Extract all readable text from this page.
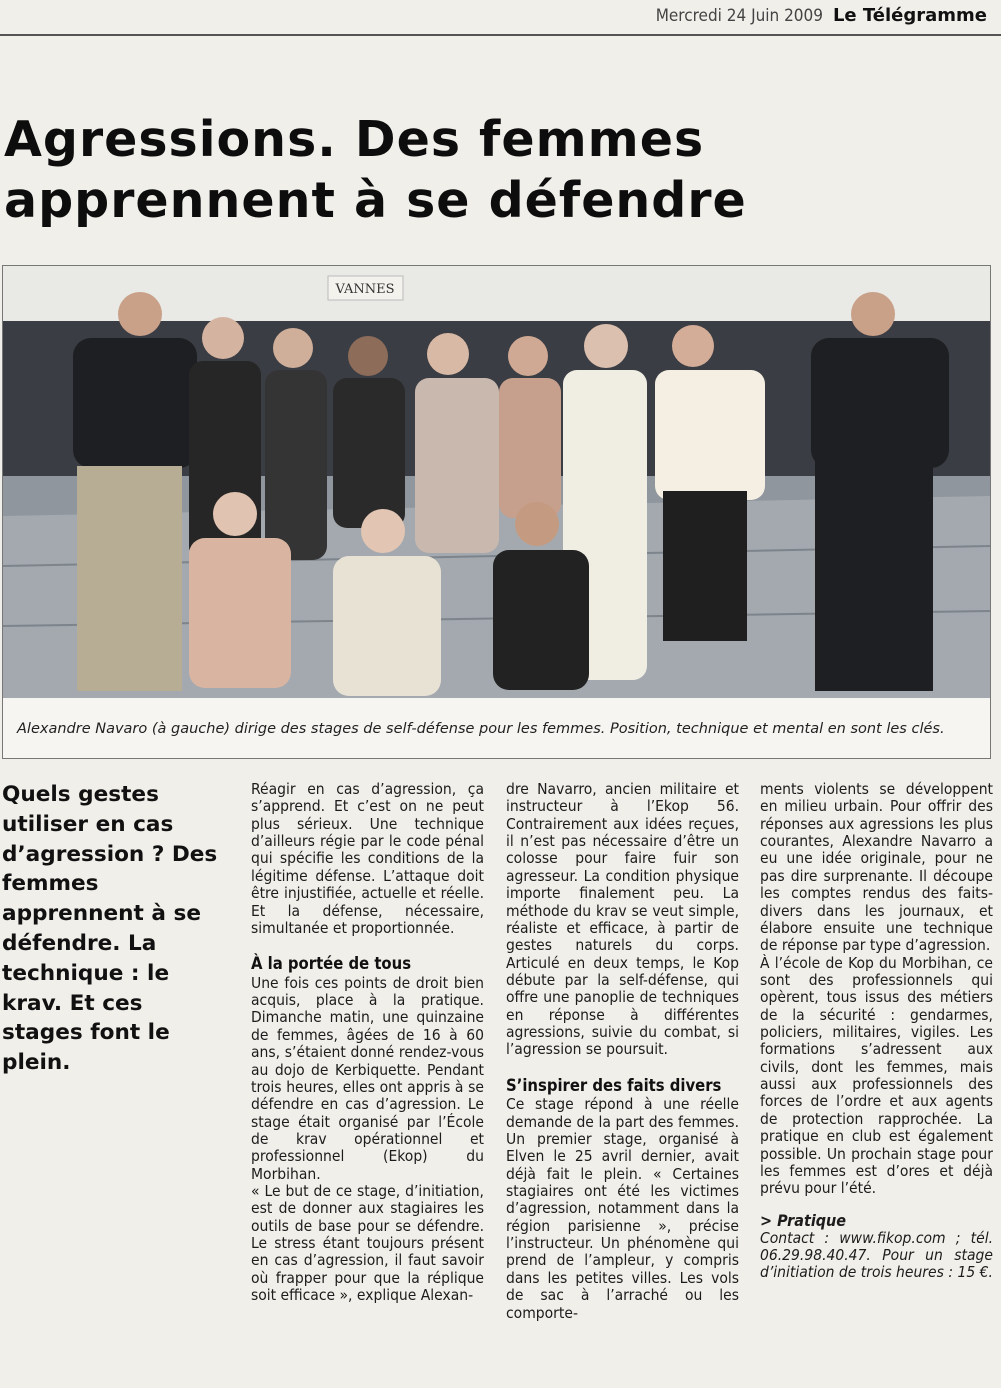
Mercredi 24 Juin 2009 Le Télégramme
Agressions. Des femmes
apprennent à se défendre
VANNES
Alexandre Navaro (à gauche) dirige des stages de self-défense pour les femmes. Position, technique et mental en sont les clés.
Quels gestes utiliser en cas d’agression ? Des femmes apprennent à se défendre. La technique : le krav. Et ces stages font le plein.

Réagir en cas d’agression, ça s’apprend. Et c’est on ne peut plus sérieux. Une technique d’ailleurs régie par le code pénal qui spécifie les conditions de la légitime défense. L’attaque doit être injustifiée, actuelle et réelle. Et la défense, nécessaire, simultanée et proportionnée.

À la portée de tous

Une fois ces points de droit bien acquis, place à la pratique. Dimanche matin, une quinzaine de femmes, âgées de 16 à 60 ans, s’étaient donné rendez-vous au dojo de Kerbiquette. Pendant trois heures, elles ont appris à se défendre en cas d’agression. Le stage était organisé par l’École de krav opérationnel et professionnel (Ekop) du Morbihan.

« Le but de ce stage, d’initiation, est de donner aux stagiaires les outils de base pour se défendre. Le stress étant toujours présent en cas d’agression, il faut savoir où frapper pour que la réplique soit efficace », explique Alexan-

dre Navarro, ancien militaire et instructeur à l’Ekop 56. Contrairement aux idées reçues, il n’est pas nécessaire d’être un colosse pour faire fuir son agresseur. La condition physique importe finalement peu. La méthode du krav se veut simple, réaliste et efficace, à partir de gestes naturels du corps. Articulé en deux temps, le Kop débute par la self-défense, qui offre une panoplie de techniques en réponse à différentes agressions, suivie du combat, si l’agression se poursuit.

S’inspirer des faits divers

Ce stage répond à une réelle demande de la part des femmes. Un premier stage, organisé à Elven le 25 avril dernier, avait déjà fait le plein. « Certaines stagiaires ont été les victimes d’agression, notamment dans la région parisienne », précise l’instructeur. Un phénomène qui prend de l’ampleur, y compris dans les petites villes. Les vols de sac à l’arraché ou les comporte-

ments violents se développent en milieu urbain. Pour offrir des réponses aux agressions les plus courantes, Alexandre Navarro a eu une idée originale, pour ne pas dire surprenante. Il découpe les comptes rendus des faits-divers dans les journaux, et élabore ensuite une technique de réponse par type d’agression.

À l’école de Kop du Morbihan, ce sont des professionnels qui opèrent, tous issus des métiers de la sécurité : gendarmes, policiers, militaires, vigiles. Les formations s’adressent aux civils, dont les femmes, mais aussi aux professionnels des forces de l’ordre et aux agents de protection rapprochée. La pratique en club est également possible. Un prochain stage pour les femmes est d’ores et déjà prévu pour l’été.

> Pratique
Contact : www.fikop.com ; tél. 06.29.98.40.47. Pour un stage d’initiation de trois heures : 15 €.
